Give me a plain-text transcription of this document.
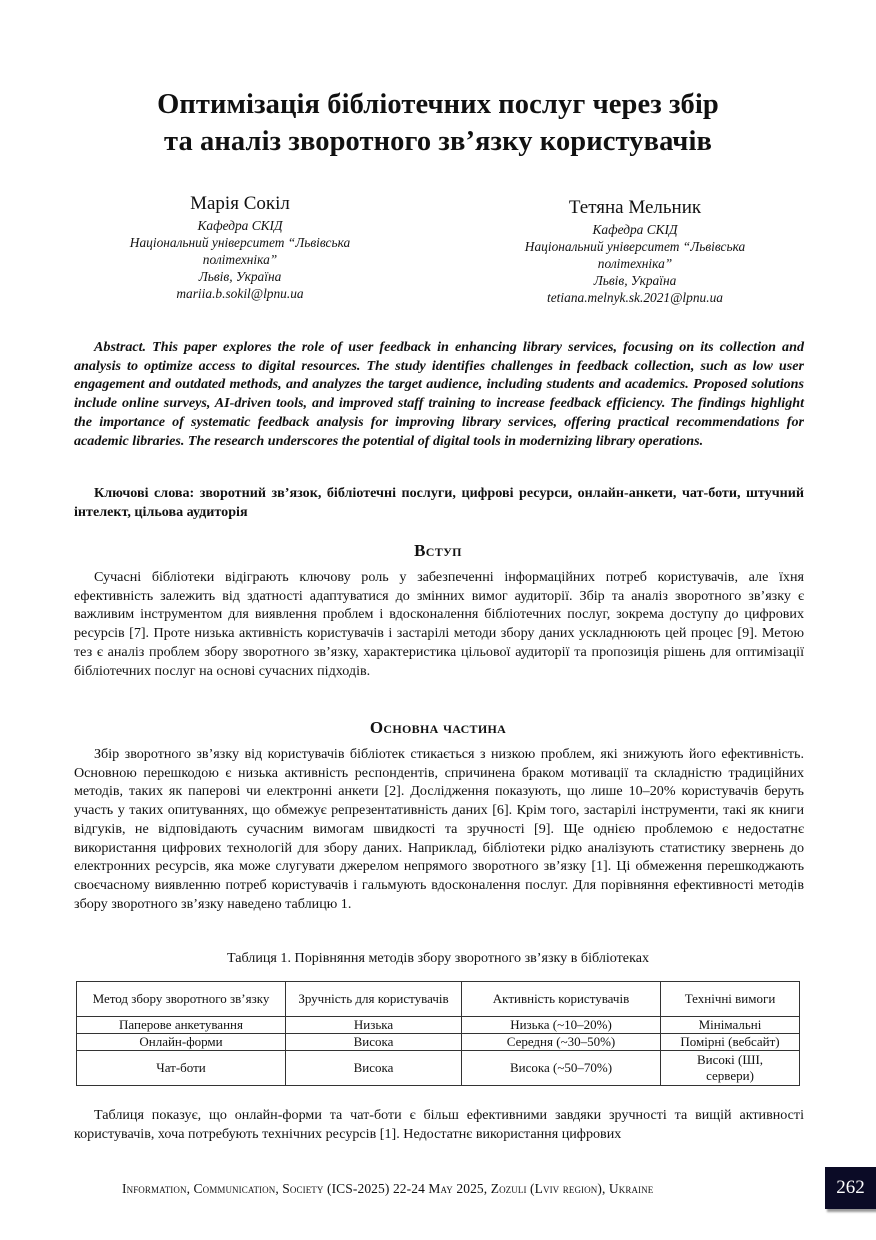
Оптимізація бібліотечних послуг через збір
та аналіз зворотного зв’язку користувачів
Марія Сокіл
Кафедра СКІД
Національний університет “Львівська
політехніка”
Львів, Україна
mariia.b.sokil@lpnu.ua
Тетяна Мельник
Кафедра СКІД
Національний університет “Львівська
політехніка”
Львів, Україна
tetiana.melnyk.sk.2021@lpnu.ua
Abstract. This paper explores the role of user feedback in enhancing library services, focusing on its collection and analysis to optimize access to digital resources. The study identifies challenges in feedback collection, such as low user engagement and outdated methods, and analyzes the target audience, including students and academics. Proposed solutions include online surveys, AI-driven tools, and improved staff training to increase feedback efficiency. The findings highlight the importance of systematic feedback analysis for improving library services, offering practical recommendations for academic libraries. The research underscores the potential of digital tools in modernizing library operations.
Ключові слова: зворотний зв’язок, бібліотечні послуги, цифрові ресурси, онлайн-анкети, чат-боти, штучний інтелект, цільова аудиторія
Вступ
Сучасні бібліотеки відіграють ключову роль у забезпеченні інформаційних потреб користувачів, але їхня ефективність залежить від здатності адаптуватися до змінних вимог аудиторії. Збір та аналіз зворотного зв’язку є важливим інструментом для виявлення проблем і вдосконалення бібліотечних послуг, зокрема доступу до цифрових ресурсів [7]. Проте низька активність користувачів і застарілі методи збору даних ускладнюють цей процес [9]. Метою тез є аналіз проблем збору зворотного зв’язку, характеристика цільової аудиторії та пропозиція рішень для оптимізації бібліотечних послуг на основі сучасних підходів.
Основна частина
Збір зворотного зв’язку від користувачів бібліотек стикається з низкою проблем, які знижують його ефективність. Основною перешкодою є низька активність респондентів, спричинена браком мотивації та складністю традиційних методів, таких як паперові чи електронні анкети [2]. Дослідження показують, що лише 10–20% користувачів беруть участь у таких опитуваннях, що обмежує репрезентативність даних [6]. Крім того, застарілі інструменти, такі як книги відгуків, не відповідають сучасним вимогам швидкості та зручності [9]. Ще однією проблемою є недостатнє використання цифрових технологій для збору даних. Наприклад, бібліотеки рідко аналізують статистику звернень до електронних ресурсів, яка може слугувати джерелом непрямого зворотного зв’язку [1]. Ці обмеження перешкоджають своєчасному виявленню потреб користувачів і гальмують вдосконалення послуг. Для порівняння ефективності методів збору зворотного зв’язку наведено таблицю 1.
Таблиця 1. Порівняння методів збору зворотного зв’язку в бібліотеках
Метод збору зворотного зв’язку	Зручність для користувачів	Активність користувачів	Технічні вимоги
Паперове анкетування	Низька	Низька (~10–20%)	Мінімальні
Онлайн-форми	Висока	Середня (~30–50%)	Помірні (вебсайт)
Чат-боти	Висока	Висока (~50–70%)	Високі (ШІ, сервери)
Таблиця показує, що онлайн-форми та чат-боти є більш ефективними завдяки зручності та вищій активності користувачів, хоча потребують технічних ресурсів [1]. Недостатнє використання цифрових
Information, Communication, Society (ICS-2025) 22-24 May 2025, Zozuli (Lviv region), Ukraine	262
